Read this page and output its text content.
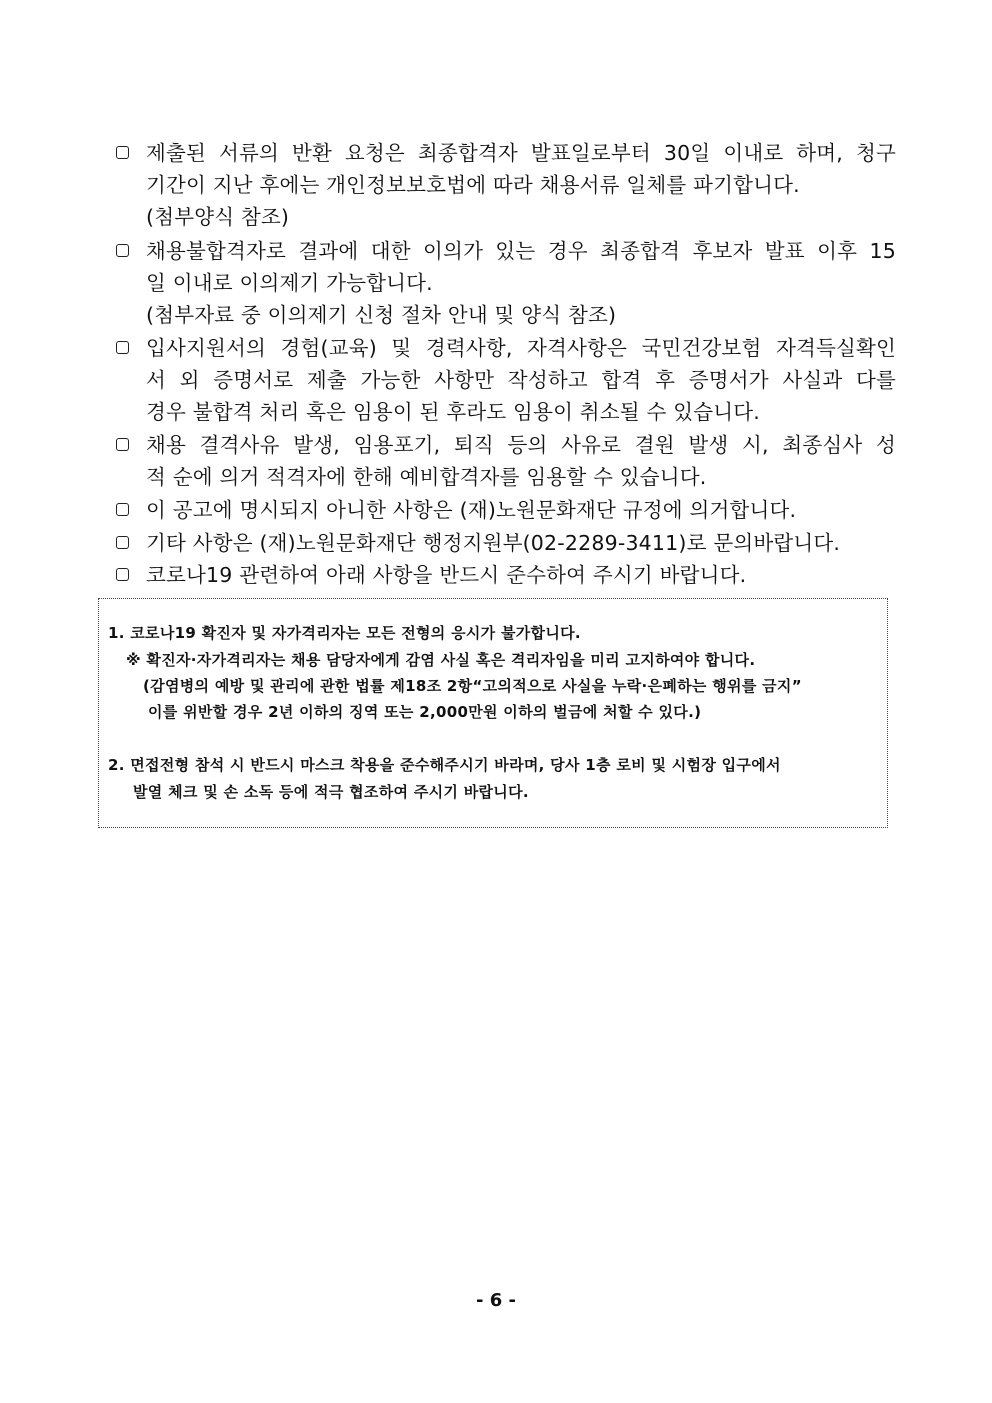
제출된 서류의 반환 요청은 최종합격자 발표일로부터 30일 이내로 하며, 청구
기간이 지난 후에는 개인정보보호법에 따라 채용서류 일체를 파기합니다.
(첨부양식 참조)
채용불합격자로 결과에 대한 이의가 있는 경우 최종합격 후보자 발표 이후 15
일 이내로 이의제기 가능합니다.
(첨부자료 중 이의제기 신청 절차 안내 및 양식 참조)
입사지원서의 경험(교육) 및 경력사항, 자격사항은 국민건강보험 자격득실확인
서 외 증명서로 제출 가능한 사항만 작성하고 합격 후 증명서가 사실과 다를
경우 불합격 처리 혹은 임용이 된 후라도 임용이 취소될 수 있습니다.
채용 결격사유 발생, 임용포기, 퇴직 등의 사유로 결원 발생 시, 최종심사 성
적 순에 의거 적격자에 한해 예비합격자를 임용할 수 있습니다.
이 공고에 명시되지 아니한 사항은 (재)노원문화재단 규정에 의거합니다.
기타 사항은 (재)노원문화재단 행정지원부(02-2289-3411)로 문의바랍니다.
코로나19 관련하여 아래 사항을 반드시 준수하여 주시기 바랍니다.
1. 코로나19 확진자 및 자가격리자는 모든 전형의 응시가 불가합니다.
※ 확진자·자가격리자는 채용 담당자에게 감염 사실 혹은 격리자임을 미리 고지하여야 합니다.
(감염병의 예방 및 관리에 관한 법률 제18조 2항“고의적으로 사실을 누락·은폐하는 행위를 금지”
이를 위반할 경우 2년 이하의 징역 또는 2,000만원 이하의 벌금에 처할 수 있다.)
2. 면접전형 참석 시 반드시 마스크 착용을 준수해주시기 바라며, 당사 1층 로비 및 시험장 입구에서
발열 체크 및 손 소독 등에 적극 협조하여 주시기 바랍니다.
- 6 -
